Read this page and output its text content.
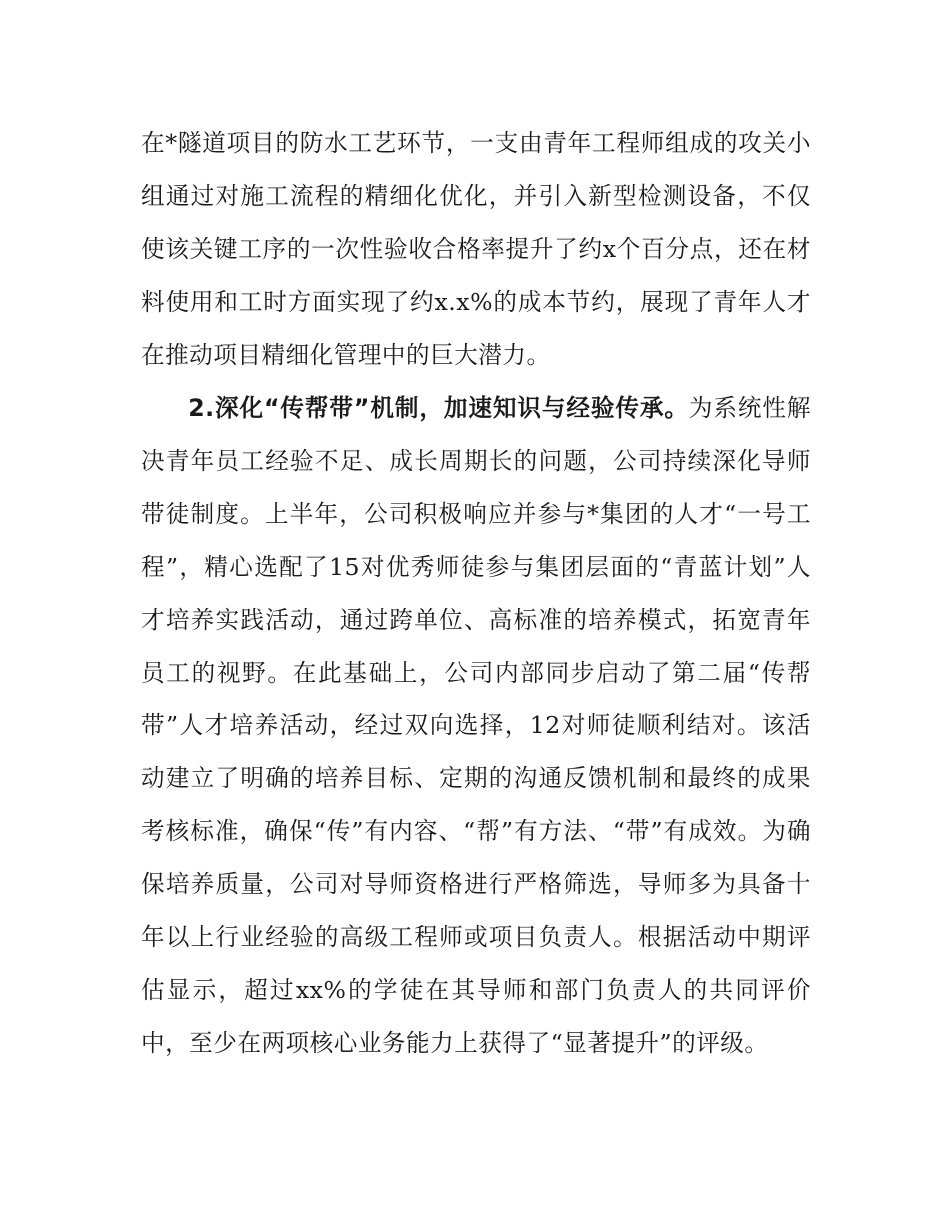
在*隧道项目的防水工艺环节，一支由青年工程师组成的攻关小组通过对施工流程的精细化优化，并引入新型检测设备，不仅使该关键工序的一次性验收合格率提升了约x个百分点，还在材料使用和工时方面实现了约x.x%的成本节约，展现了青年人才在推动项目精细化管理中的巨大潜力。

2.深化“传帮带”机制，加速知识与经验传承。为系统性解决青年员工经验不足、成长周期长的问题，公司持续深化导师带徒制度。上半年，公司积极响应并参与*集团的人才“一号工程”，精心选配了15对优秀师徒参与集团层面的“青蓝计划”人才培养实践活动，通过跨单位、高标准的培养模式，拓宽青年员工的视野。在此基础上，公司内部同步启动了第二届“传帮带”人才培养活动，经过双向选择，12对师徒顺利结对。该活动建立了明确的培养目标、定期的沟通反馈机制和最终的成果考核标准，确保“传”有内容、“帮”有方法、“带”有成效。为确保培养质量，公司对导师资格进行严格筛选，导师多为具备十年以上行业经验的高级工程师或项目负责人。根据活动中期评估显示，超过xx%的学徒在其导师和部门负责人的共同评价中，至少在两项核心业务能力上获得了“显著提升”的评级。
